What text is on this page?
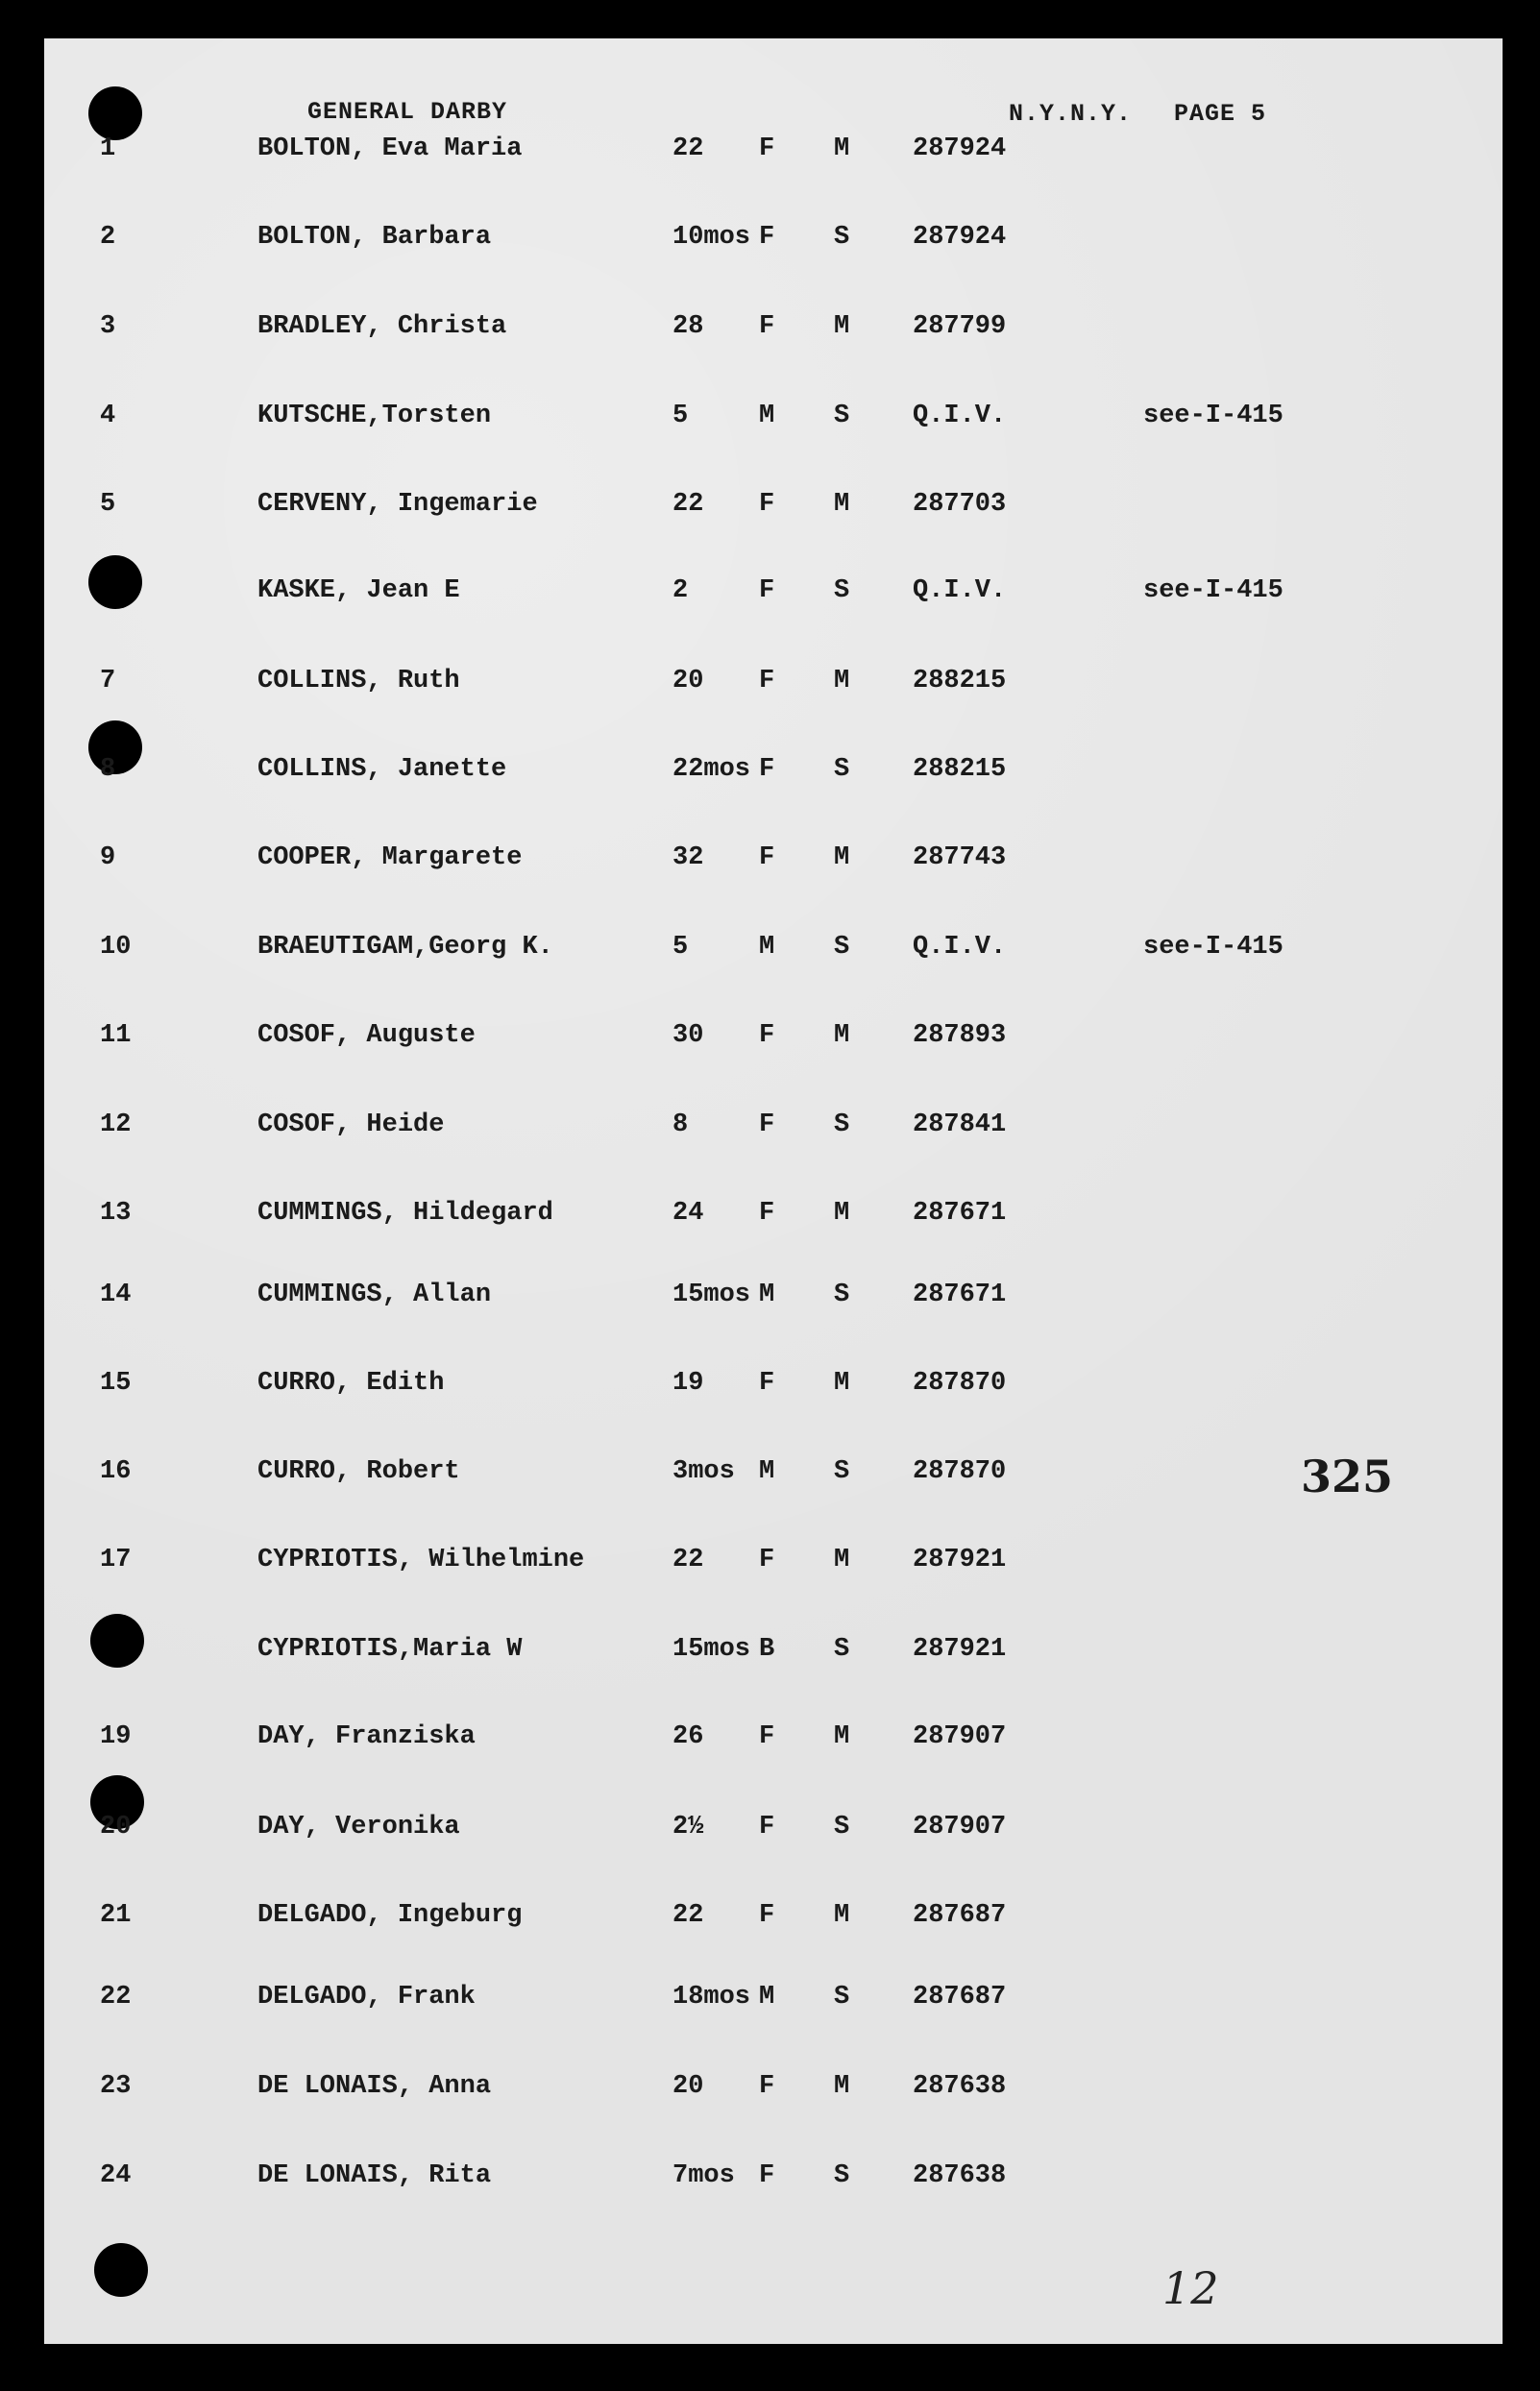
GENERAL DARBY	N.Y.N.Y. PAGE 5
1	BOLTON, Eva Maria	22 F M 287924
2	BOLTON, Barbara	10mos F S 287924
3	BRADLEY, Christa	28 F M 287799
4	KUTSCHE,Torsten	5	M S Q.I.V.	see-I-415
5	CERVENY, Ingemarie	22 F M 287703
KASKE, Jean E	2	F S Q.I.V.	see-I-415
7	COLLINS, Ruth	20 F M 288215
8	COLLINS, Janette	22mos F S 288215
9	COOPER, Margarete	32 F M 287743
10	BRAEUTIGAM,Georg K.	5	M S Q.I.V.	see-I-415
11	COSOF, Auguste	30 F M 287893
12	COSOF, Heide	8	F S 287841
13	CUMMINGS, Hildegard	24 F M 287671
14	CUMMINGS, Allan	15mos M S 287671
15	CURRO, Edith	19 F M 287870
16	CURRO, Robert	3mos M S 287870
17	CYPRIOTIS, Wilhelmine	22 F M 287921
CYPRIOTIS,Maria W	15mos B S 287921
19	DAY, Franziska	26 F M 287907
20	DAY, Veronika	2½ F S 287907
21	DELGADO, Ingeburg	22 F M 287687
22	DELGADO, Frank	18mos M S 287687
23	DE LONAIS, Anna	20 F M 287638
24	DE LONAIS, Rita	7mos F S 287638
325
12
